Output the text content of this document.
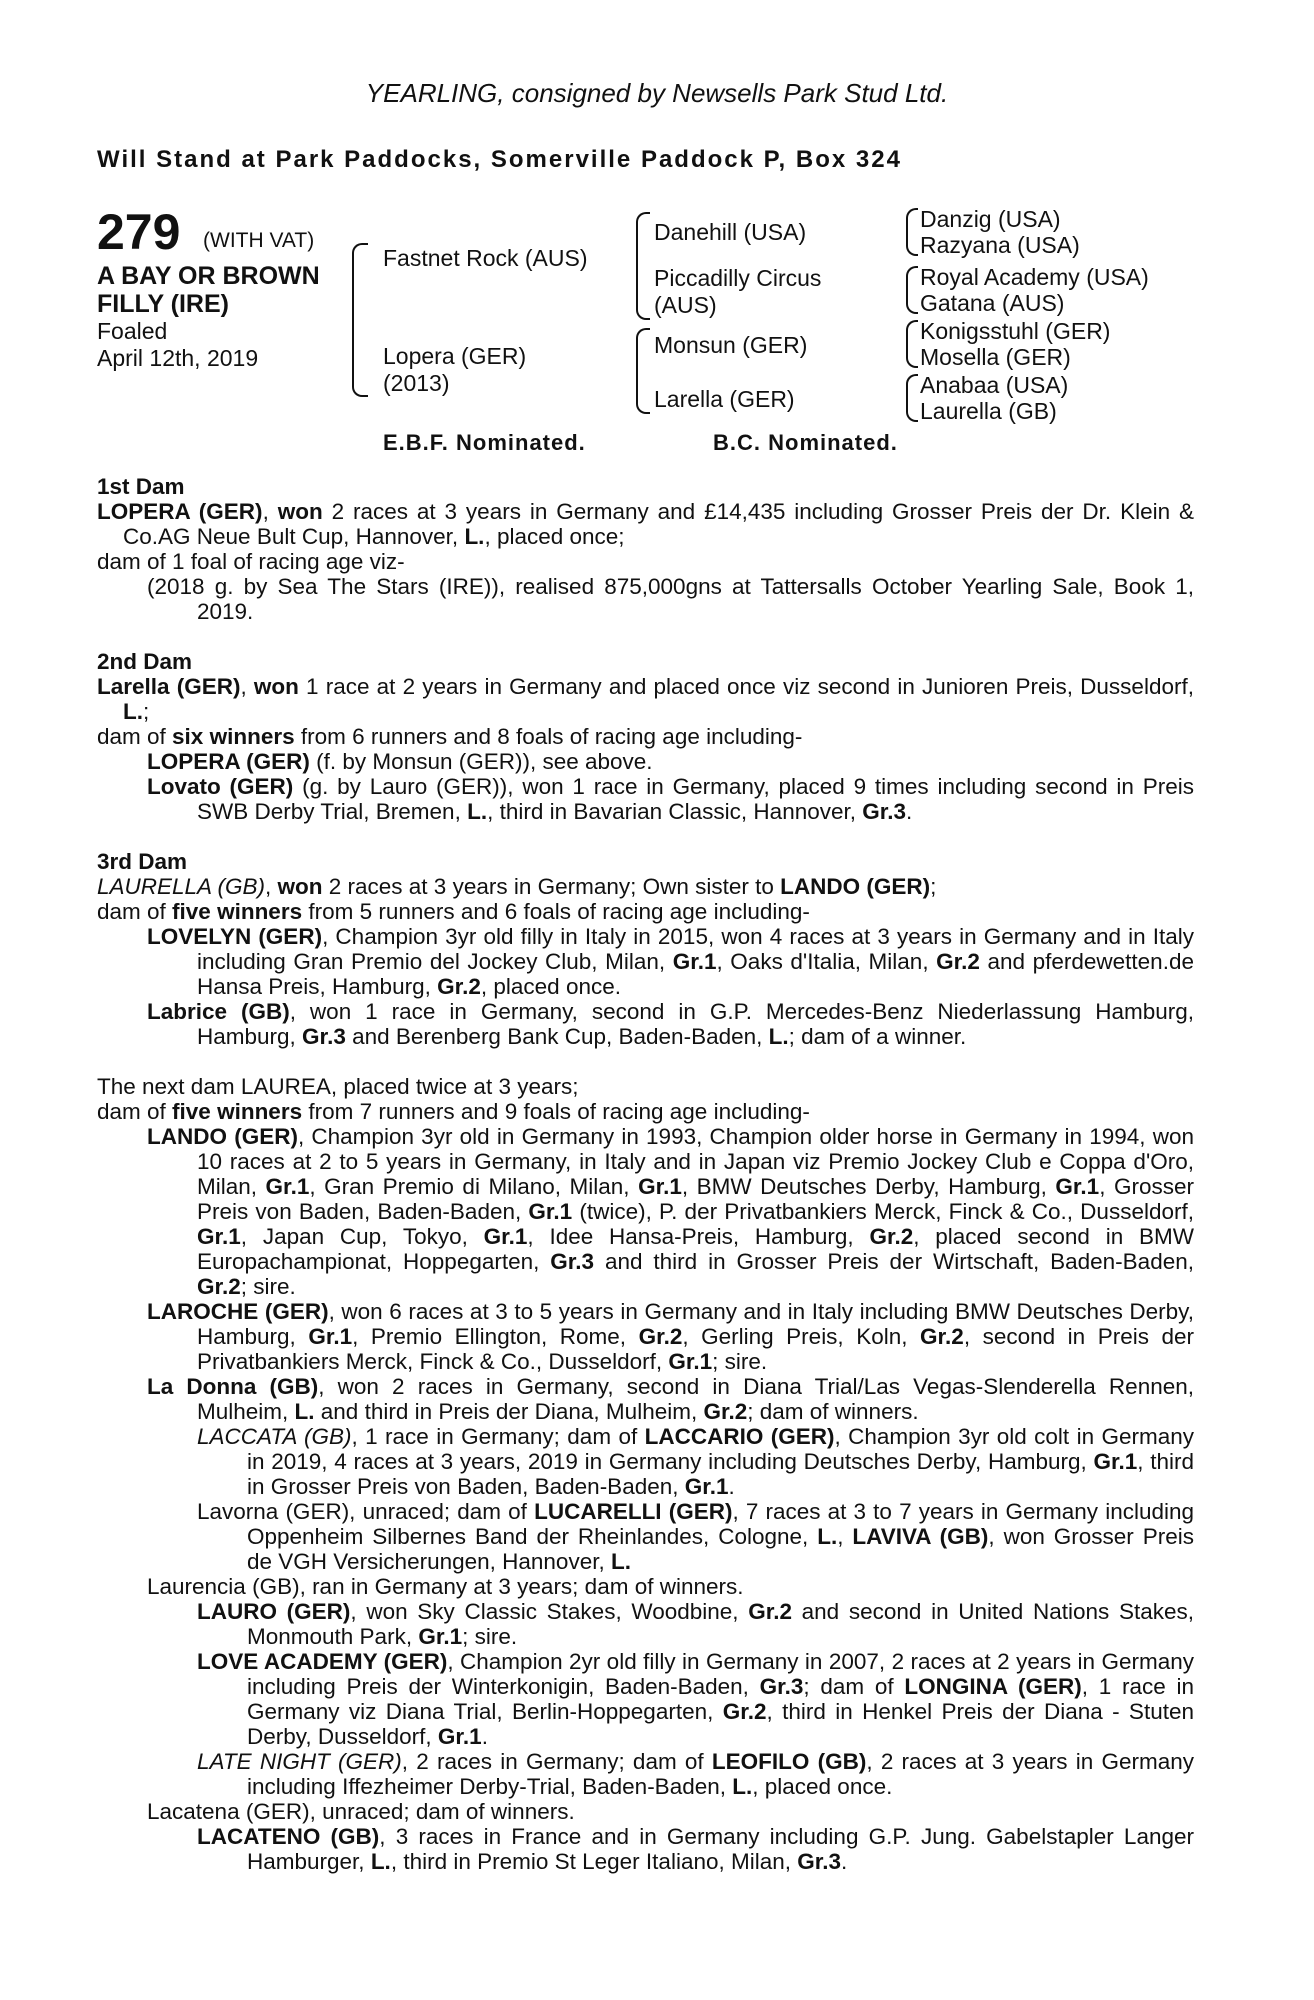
YEARLING, consigned by Newsells Park Stud Ltd.
Will Stand at Park Paddocks, Somerville Paddock P, Box 324
279 (WITH VAT)
A BAY OR BROWN
FILLY (IRE)
Foaled
April 12th, 2019
Fastnet Rock (AUS)
Lopera (GER)
(2013)
Danehill (USA)
Piccadilly Circus
(AUS)
Monsun (GER)
Larella (GER)
Danzig (USA)
Razyana (USA)
Royal Academy (USA)
Gatana (AUS)
Konigsstuhl (GER)
Mosella (GER)
Anabaa (USA)
Laurella (GB)
E.B.F. Nominated.	B.C. Nominated.
1st Dam
LOPERA (GER), won 2 races at 3 years in Germany and £14,435 including Grosser Preis der Dr. Klein & Co.AG Neue Bult Cup, Hannover, L., placed once;
dam of 1 foal of racing age viz-
(2018 g. by Sea The Stars (IRE)), realised 875,000gns at Tattersalls October Yearling Sale, Book 1, 2019.
2nd Dam
Larella (GER), won 1 race at 2 years in Germany and placed once viz second in Junioren Preis, Dusseldorf, L.;
dam of six winners from 6 runners and 8 foals of racing age including-
LOPERA (GER) (f. by Monsun (GER)), see above.
Lovato (GER) (g. by Lauro (GER)), won 1 race in Germany, placed 9 times including second in Preis SWB Derby Trial, Bremen, L., third in Bavarian Classic, Hannover, Gr.3.
3rd Dam
LAURELLA (GB), won 2 races at 3 years in Germany; Own sister to LANDO (GER);
dam of five winners from 5 runners and 6 foals of racing age including-
LOVELYN (GER), Champion 3yr old filly in Italy in 2015, won 4 races at 3 years in Germany and in Italy including Gran Premio del Jockey Club, Milan, Gr.1, Oaks d'Italia, Milan, Gr.2 and pferdewetten.de Hansa Preis, Hamburg, Gr.2, placed once.
Labrice (GB), won 1 race in Germany, second in G.P. Mercedes-Benz Niederlassung Hamburg, Hamburg, Gr.3 and Berenberg Bank Cup, Baden-Baden, L.; dam of a winner.
The next dam LAUREA, placed twice at 3 years;
dam of five winners from 7 runners and 9 foals of racing age including-
LANDO (GER), Champion 3yr old in Germany in 1993, Champion older horse in Germany in 1994, won 10 races at 2 to 5 years in Germany, in Italy and in Japan viz Premio Jockey Club e Coppa d'Oro, Milan, Gr.1, Gran Premio di Milano, Milan, Gr.1, BMW Deutsches Derby, Hamburg, Gr.1, Grosser Preis von Baden, Baden-Baden, Gr.1 (twice), P. der Privatbankiers Merck, Finck & Co., Dusseldorf, Gr.1, Japan Cup, Tokyo, Gr.1, Idee Hansa-Preis, Hamburg, Gr.2, placed second in BMW Europachampionat, Hoppegarten, Gr.3 and third in Grosser Preis der Wirtschaft, Baden-Baden, Gr.2; sire.
LAROCHE (GER), won 6 races at 3 to 5 years in Germany and in Italy including BMW Deutsches Derby, Hamburg, Gr.1, Premio Ellington, Rome, Gr.2, Gerling Preis, Koln, Gr.2, second in Preis der Privatbankiers Merck, Finck & Co., Dusseldorf, Gr.1; sire.
La Donna (GB), won 2 races in Germany, second in Diana Trial/Las Vegas-Slenderella Rennen, Mulheim, L. and third in Preis der Diana, Mulheim, Gr.2; dam of winners.
LACCATA (GB), 1 race in Germany; dam of LACCARIO (GER), Champion 3yr old colt in Germany in 2019, 4 races at 3 years, 2019 in Germany including Deutsches Derby, Hamburg, Gr.1, third in Grosser Preis von Baden, Baden-Baden, Gr.1.
Lavorna (GER), unraced; dam of LUCARELLI (GER), 7 races at 3 to 7 years in Germany including Oppenheim Silbernes Band der Rheinlandes, Cologne, L., LAVIVA (GB), won Grosser Preis de VGH Versicherungen, Hannover, L.
Laurencia (GB), ran in Germany at 3 years; dam of winners.
LAURO (GER), won Sky Classic Stakes, Woodbine, Gr.2 and second in United Nations Stakes, Monmouth Park, Gr.1; sire.
LOVE ACADEMY (GER), Champion 2yr old filly in Germany in 2007, 2 races at 2 years in Germany including Preis der Winterkonigin, Baden-Baden, Gr.3; dam of LONGINA (GER), 1 race in Germany viz Diana Trial, Berlin-Hoppegarten, Gr.2, third in Henkel Preis der Diana - Stuten Derby, Dusseldorf, Gr.1.
LATE NIGHT (GER), 2 races in Germany; dam of LEOFILO (GB), 2 races at 3 years in Germany including Iffezheimer Derby-Trial, Baden-Baden, L., placed once.
Lacatena (GER), unraced; dam of winners.
LACATENO (GB), 3 races in France and in Germany including G.P. Jung. Gabelstapler Langer Hamburger, L., third in Premio St Leger Italiano, Milan, Gr.3.
